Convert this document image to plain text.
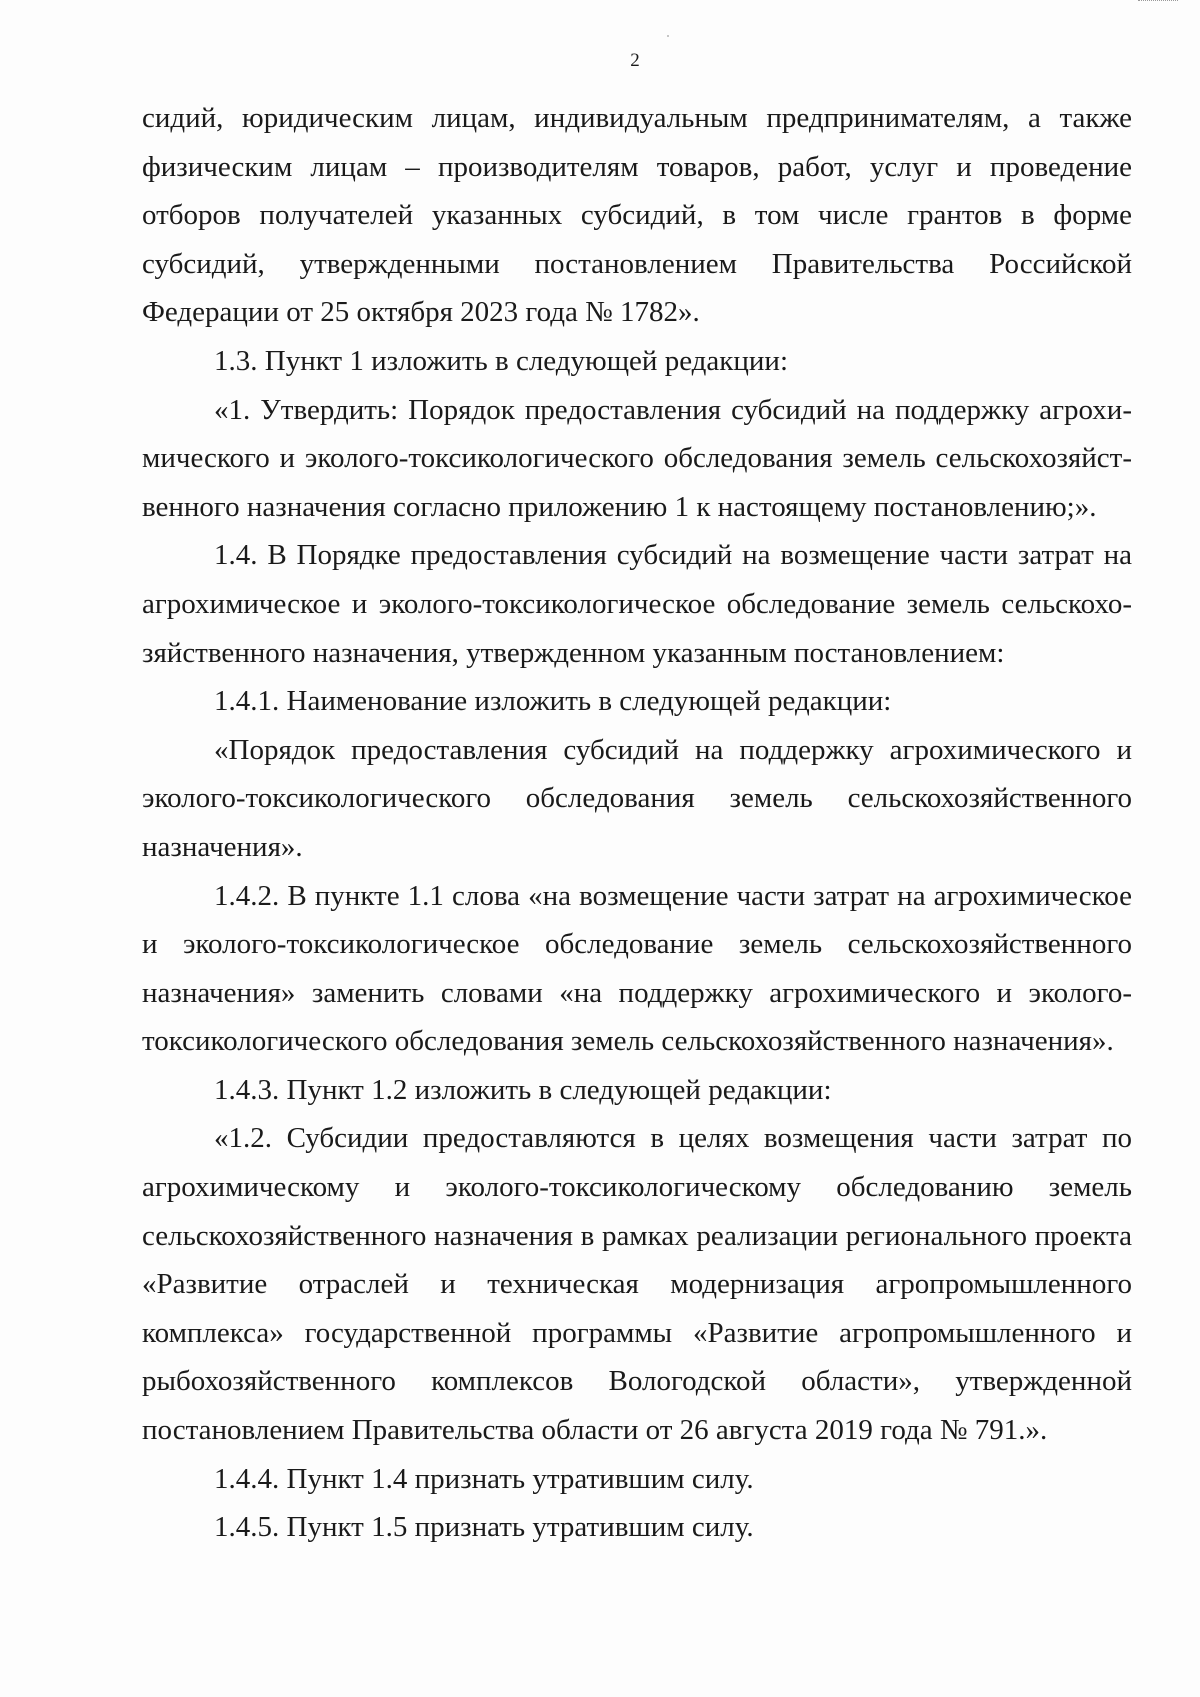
2

сидий, юридическим лицам, индивидуальным предпринимателям, а также физическим лицам – производителям товаров, работ, услуг и проведение отборов получателей указанных субсидий, в том числе грантов в форме субсидий, утвержденными постановлением Правительства Российской Федерации от 25 октября 2023 года № 1782».

1.3. Пункт 1 изложить в следующей редакции:

«1. Утвердить: Порядок предоставления субсидий на поддержку агрохимического и эколого-токсикологического обследования земель сельскохозяйственного назначения согласно приложению 1 к настоящему постановлению;».

1.4. В Порядке предоставления субсидий на возмещение части затрат на агрохимическое и эколого-токсикологическое обследование земель сельскохозяйственного назначения, утвержденном указанным постановлением:

1.4.1. Наименование изложить в следующей редакции:

«Порядок предоставления субсидий на поддержку агрохимического и эколого-токсикологического обследования земель сельскохозяйственного назначения».

1.4.2. В пункте 1.1 слова «на возмещение части затрат на агрохимическое и эколого-токсикологическое обследование земель сельскохозяйственного назначения» заменить словами «на поддержку агрохимического и эколого-токсикологического обследования земель сельскохозяйственного назначения».

1.4.3. Пункт 1.2 изложить в следующей редакции:

«1.2. Субсидии предоставляются в целях возмещения части затрат по агрохимическому и эколого-токсикологическому обследованию земель сельскохозяйственного назначения в рамках реализации регионального проекта «Развитие отраслей и техническая модернизация агропромышленного комплекса» государственной программы «Развитие агропромышленного и рыбохозяйственного комплексов Вологодской области», утвержденной постановлением Правительства области от 26 августа 2019 года № 791.».

1.4.4. Пункт 1.4 признать утратившим силу.

1.4.5. Пункт 1.5 признать утратившим силу.
